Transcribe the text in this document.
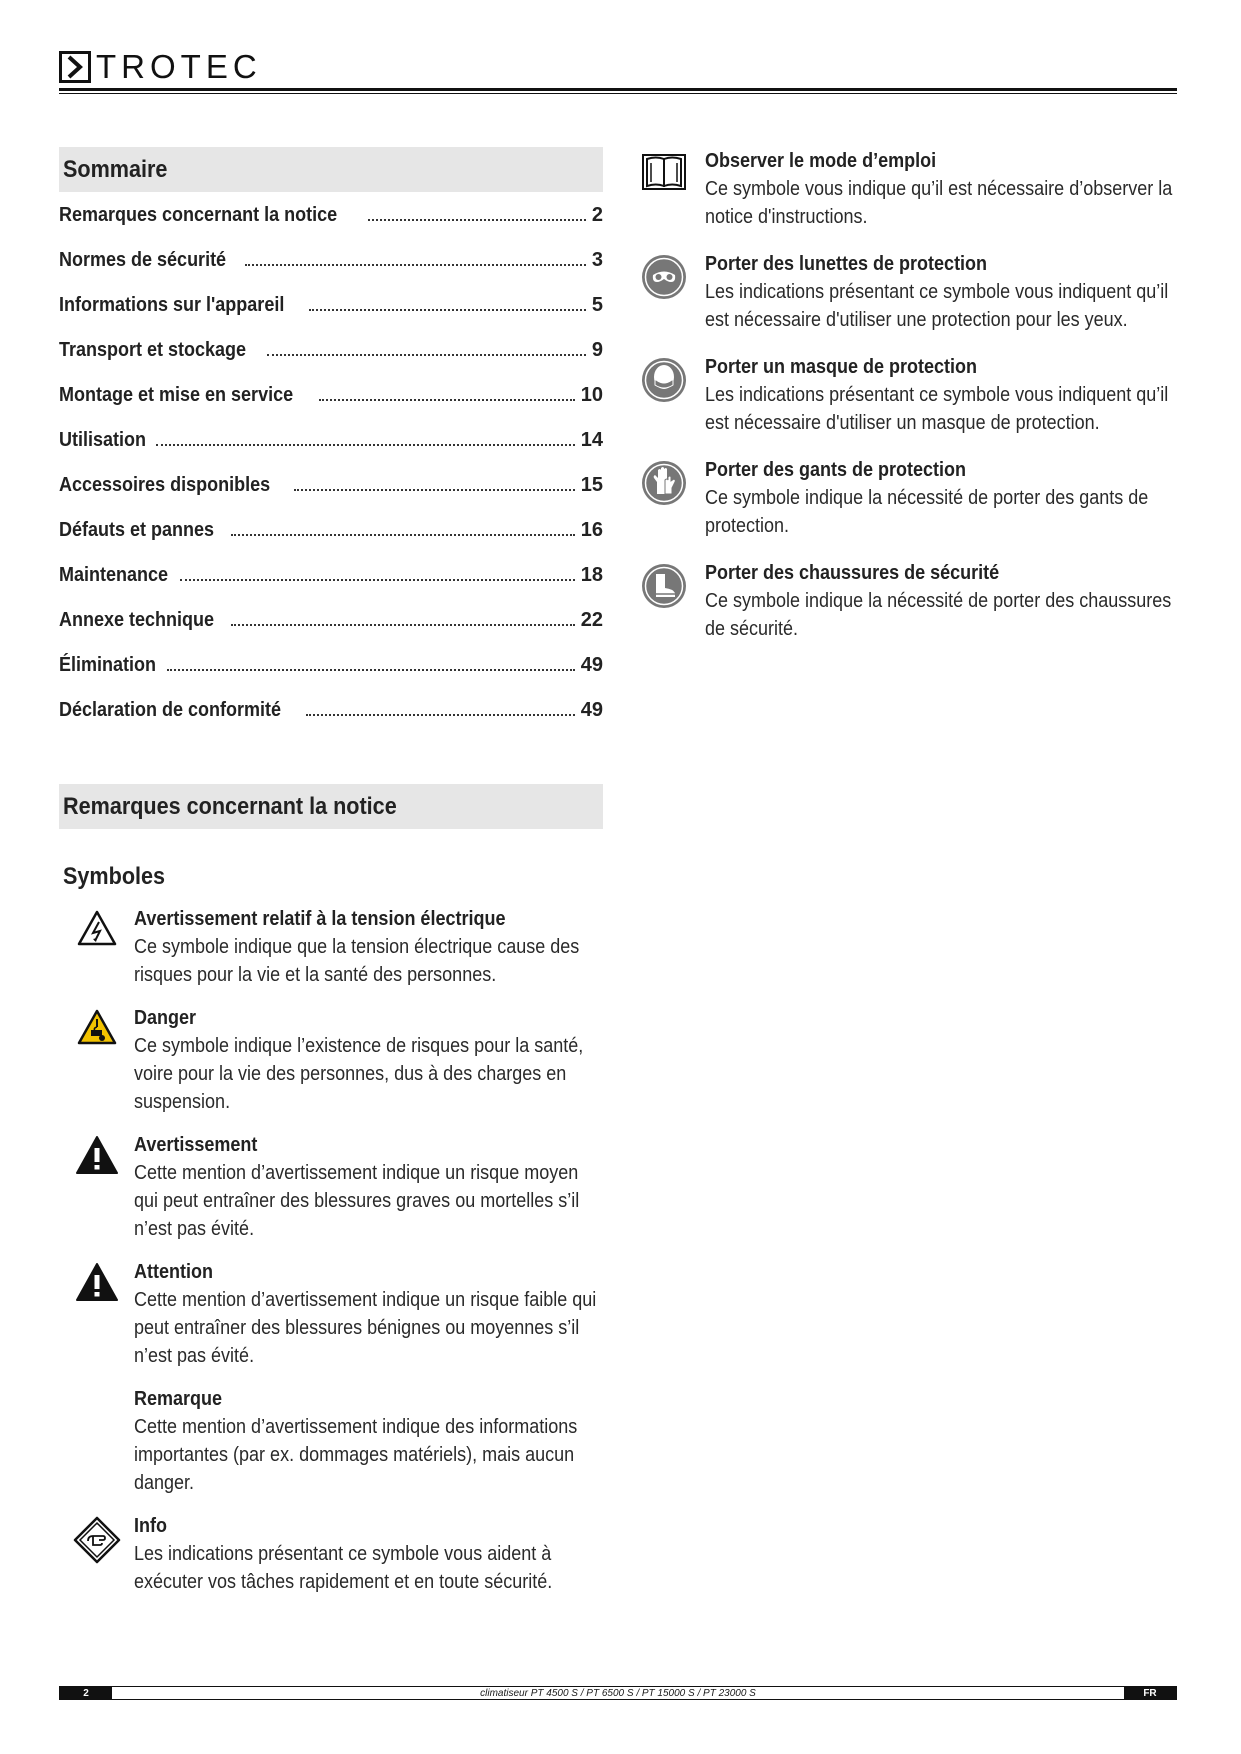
TROTEC
Sommaire
Remarques concernant la notice	2
Normes de sécurité	3
Informations sur l'appareil	5
Transport et stockage	9
Montage et mise en service	10
Utilisation	14
Accessoires disponibles	15
Défauts et pannes	16
Maintenance	18
Annexe technique	22
Élimination	49
Déclaration de conformité	49
Remarques concernant la notice
Symboles
Avertissement relatif à la tension électrique
Ce symbole indique que la tension électrique cause des risques pour la vie et la santé des personnes.
Danger
Ce symbole indique l’existence de risques pour la santé, voire pour la vie des personnes, dus à des charges en suspension.
Avertissement
Cette mention d’avertissement indique un risque moyen qui peut entraîner des blessures graves ou mortelles s’il n’est pas évité.
Attention
Cette mention d’avertissement indique un risque faible qui peut entraîner des blessures bénignes ou moyennes s’il n’est pas évité.
Remarque
Cette mention d’avertissement indique des informations importantes (par ex. dommages matériels), mais aucun danger.
Info
Les indications présentant ce symbole vous aident à exécuter vos tâches rapidement et en toute sécurité.
Observer le mode d’emploi
Ce symbole vous indique qu’il est nécessaire d’observer la notice d'instructions.
Porter des lunettes de protection
Les indications présentant ce symbole vous indiquent qu’il est nécessaire d'utiliser une protection pour les yeux.
Porter un masque de protection
Les indications présentant ce symbole vous indiquent qu’il est nécessaire d'utiliser un masque de protection.
Porter des gants de protection
Ce symbole indique la nécessité de porter des gants de protection.
Porter des chaussures de sécurité
Ce symbole indique la nécessité de porter des chaussures de sécurité.
2	climatiseur PT 4500 S / PT 6500 S / PT 15000 S / PT 23000 S	FR
